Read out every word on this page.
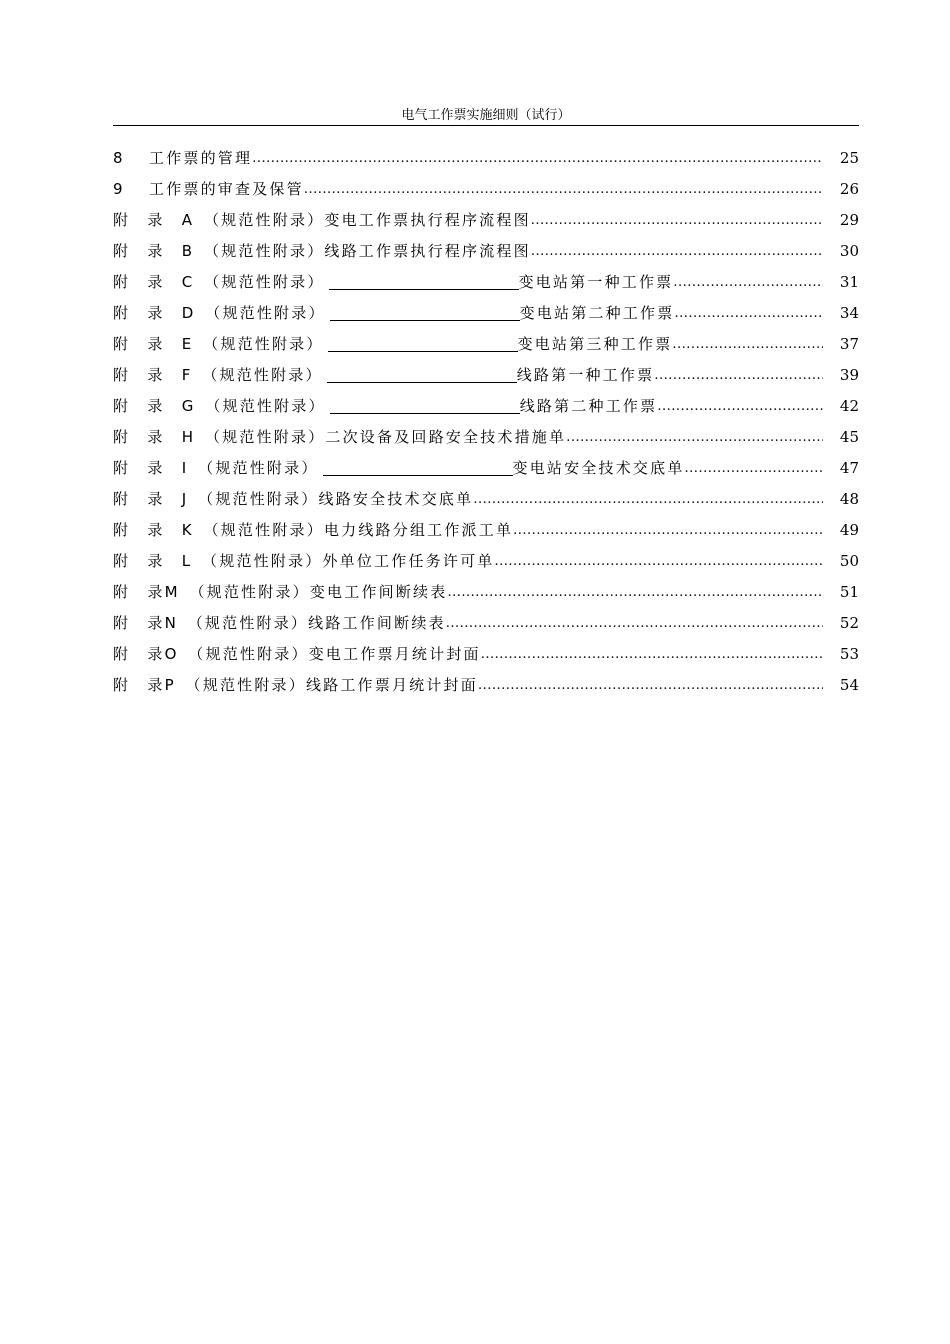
电气工作票实施细则（试行）
8	工作票的管理 .....	25
9	工作票的审查及保管 .....	26
附　录　A　（规范性附录）变电工作票执行程序流程图 .....	29
附　录　B　（规范性附录）线路工作票执行程序流程图 .....	30
附　录　C　（规范性附录）	变电站第一种工作票 .....	31
附　录　D　（规范性附录）	变电站第二种工作票 .....	34
附　录　E　（规范性附录）	变电站第三种工作票 .....	37
附　录　F　（规范性附录）	线路第一种工作票 .....	39
附　录　G　（规范性附录）	线路第二种工作票 .....	42
附　录　H　（规范性附录）二次设备及回路安全技术措施单 .....	45
附　录　I　（规范性附录）	变电站安全技术交底单 .....	47
附　录　J　（规范性附录）线路安全技术交底单 .....	48
附　录　K　（规范性附录）电力线路分组工作派工单 .....	49
附　录　L　（规范性附录）外单位工作任务许可单 .....	50
附　录M　（规范性附录）变电工作间断续表 .....	51
附　录N　（规范性附录）线路工作间断续表 .....	52
附　录O　（规范性附录）变电工作票月统计封面 .....	53
附　录P　（规范性附录）线路工作票月统计封面 .....	54
